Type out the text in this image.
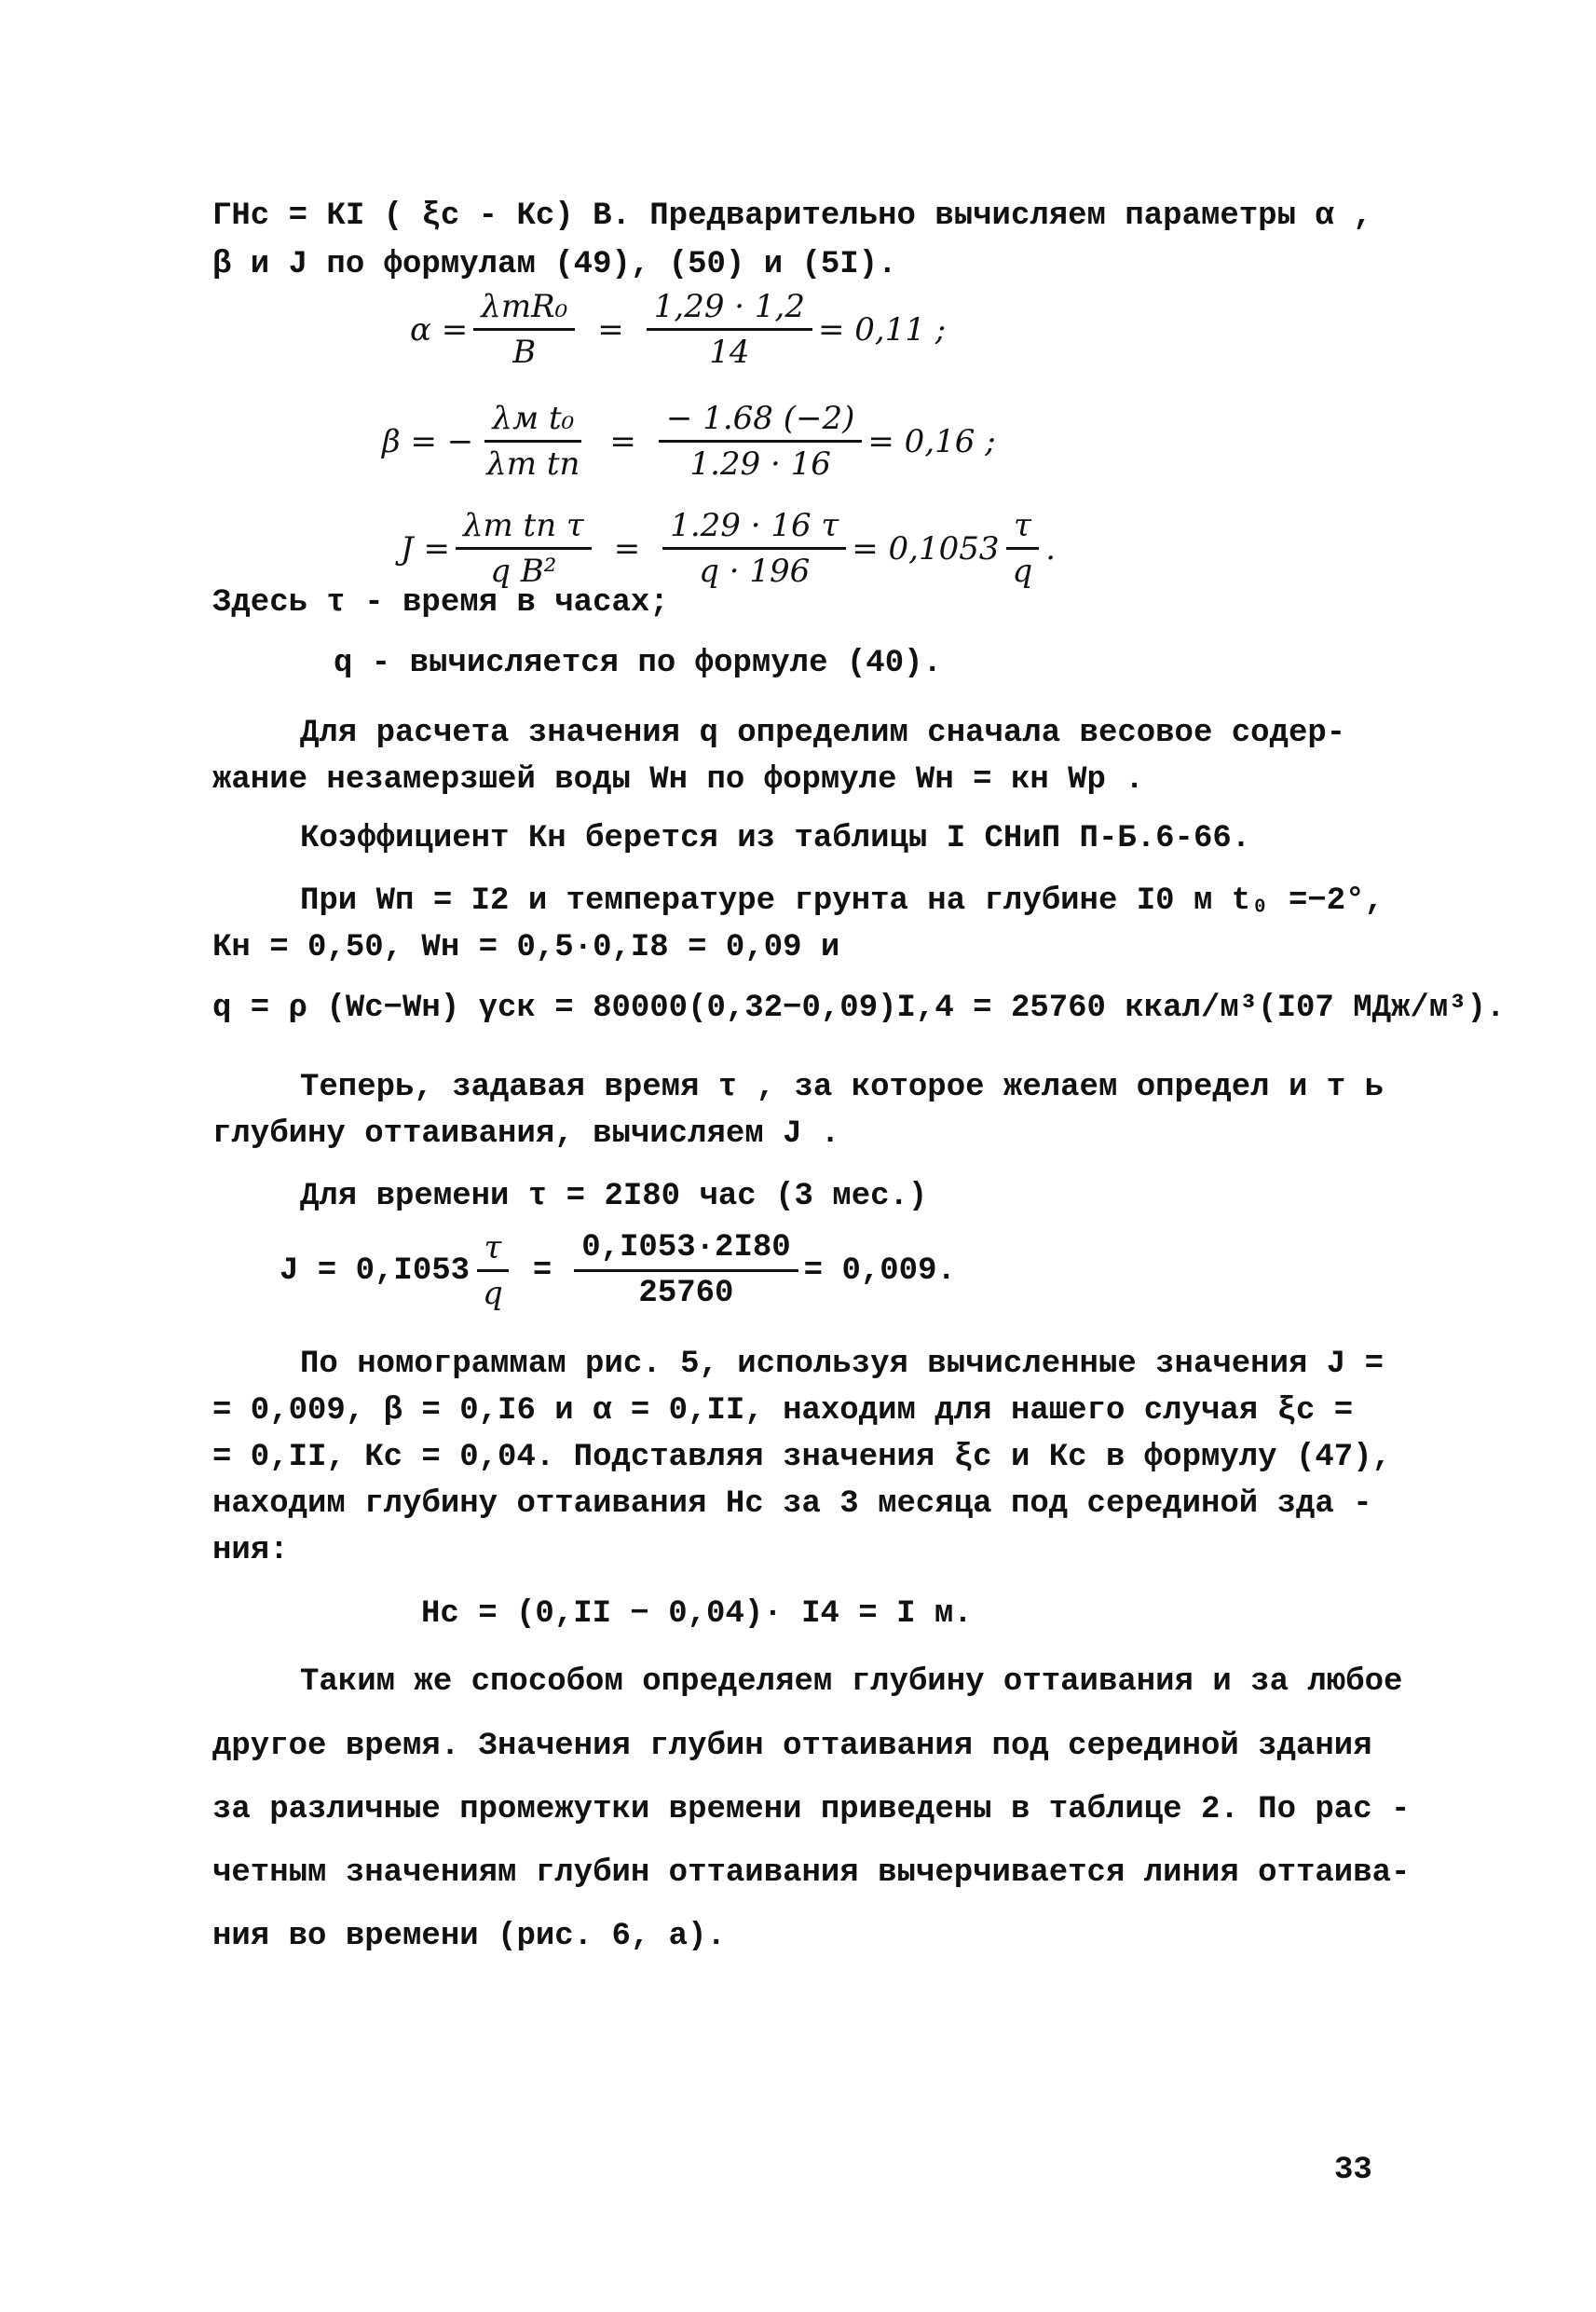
ГНс = КI ( ξс - Кс) В. Предварительно вычисляем параметры α ,
β и J по формулам (49), (50) и (5I).
$\alpha = \frac{\text{λтR₀}}{B} = \frac{1,29 \cdot 1,2}{14} = 0,11$ ;
β = − $\frac{\text{λм t₀}}{\text{λт tп}} = \frac{- 1.68 (-2)}{1.29 \cdot 16} = 0,16$ ;
$J = \frac{\text{λт tп τ}}{\text{q B²}} = \frac{1.29 \cdot 16 \tau}{q \cdot 196} = 0,1053 \frac{\tau}{q}$ .
Здесь τ - время в часах;
q - вычисляется по формуле (40).
Для расчета значения q определим сначала весовое содер-
жание незамерзшей воды Wн по формуле Wн = кн Wр .
Коэффициент Кн берется из таблицы I СНиП П-Б.6-66.
При Wп = I2 и температуре грунта на глубине I0 м t₀ =−2°,
Кн = 0,50, Wн = 0,5·0,I8 = 0,09 и
q = ρ (Wс−Wн) γск = 80000(0,32−0,09)I,4 = 25760 ккал/м³(I07 МДж/м³).
Теперь, задавая время τ , за которое желаем определ и т ь
глубину оттаивания, вычисляем J .
Для времени τ = 2I80 час (3 мес.)
$J = 0,I053 \frac{\tau}{q} = \frac{0,I053\cdot 2I80}{25760} = 0,009$.
По номограммам рис. 5, используя вычисленные значения J =
= 0,009, β = 0,I6 и α = 0,II, находим для нашего случая ξс =
= 0,II, Кс = 0,04. Подставляя значения ξс и Кс в формулу (47),
находим глубину оттаивания Нс за 3 месяца под серединой зда -
ния:
Нс = (0,II − 0,04)· I4 = I м.
Таким же способом определяем глубину оттаивания и за любое
другое время. Значения глубин оттаивания под серединой здания
за различные промежутки времени приведены в таблице 2. По рас -
четным значениям глубин оттаивания вычерчивается линия оттаива-
ния во времени (рис. 6, а).
33
